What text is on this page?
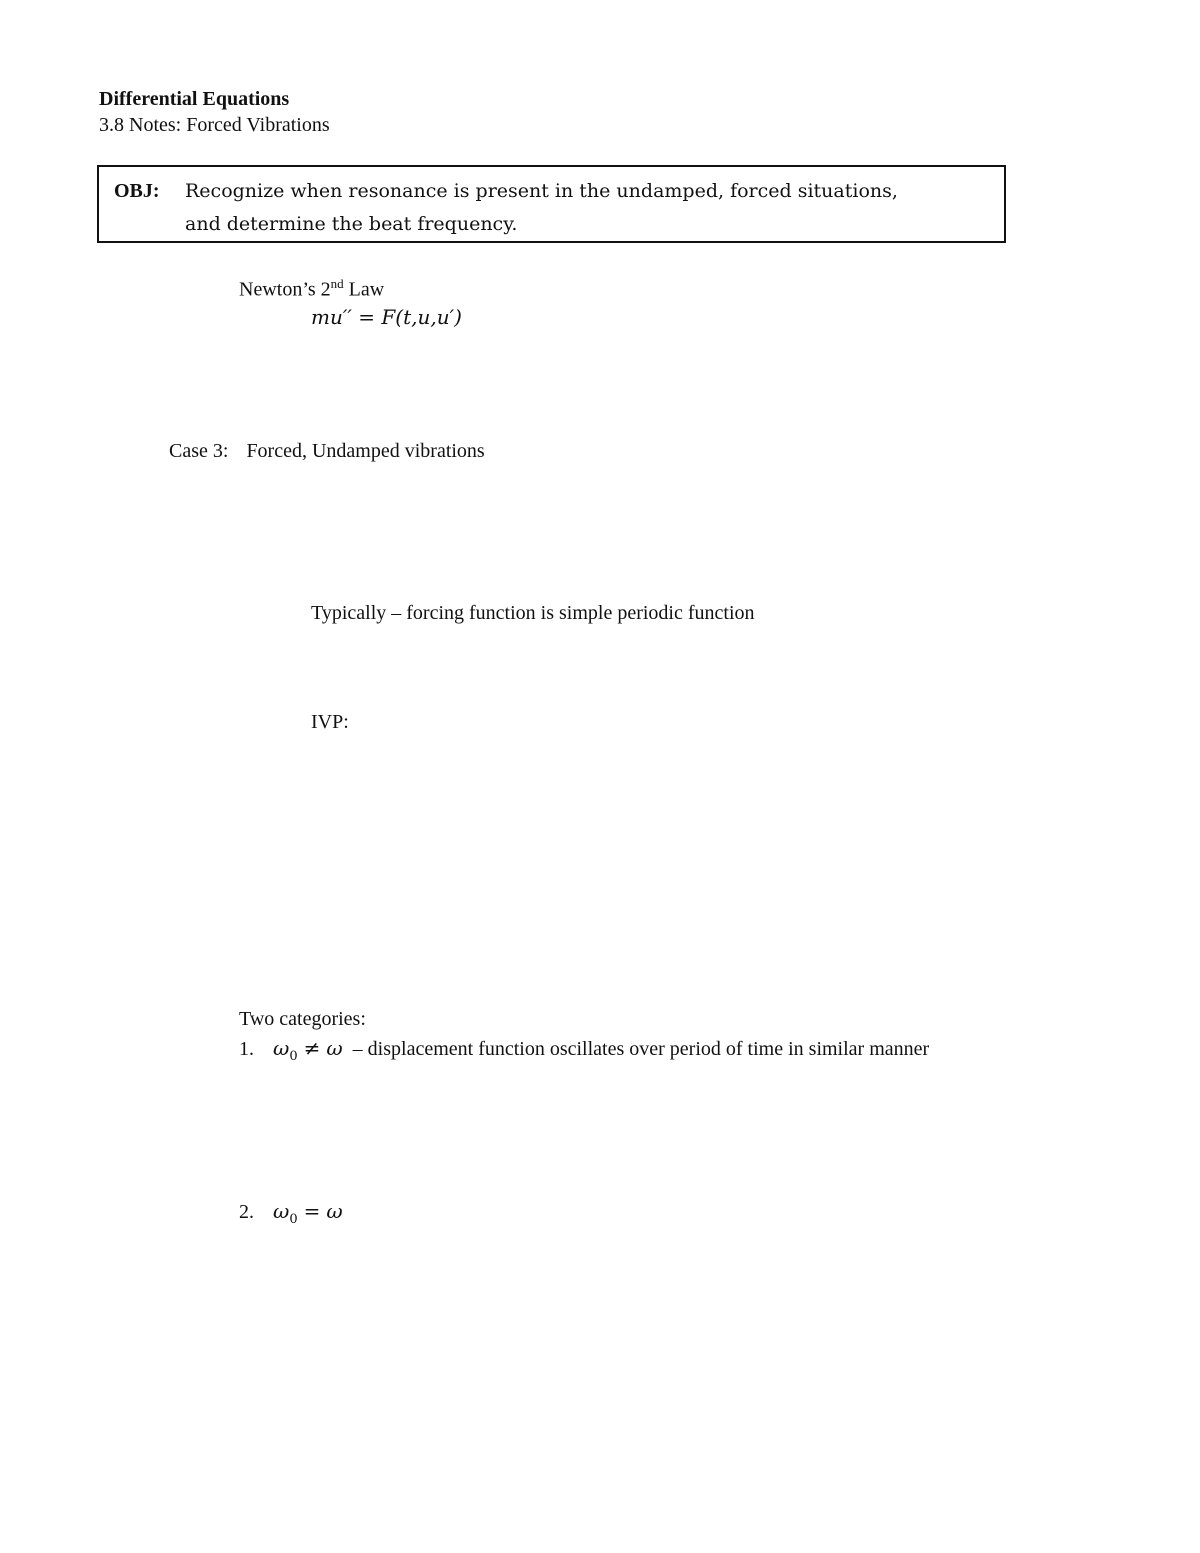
Differential Equations
3.8 Notes: Forced Vibrations
OBJ: Recognize when resonance is present in the undamped, forced situations,
and determine the beat frequency.
Newton’s 2nd Law
mu′′ = F(t,u,u′)
Case 3: Forced, Undamped vibrations
Typically – forcing function is simple periodic function
IVP:
Two categories:
1. $\omega_0 \ne \omega$ – displacement function oscillates over period of time in similar manner
2. $\omega_0 = \omega$
